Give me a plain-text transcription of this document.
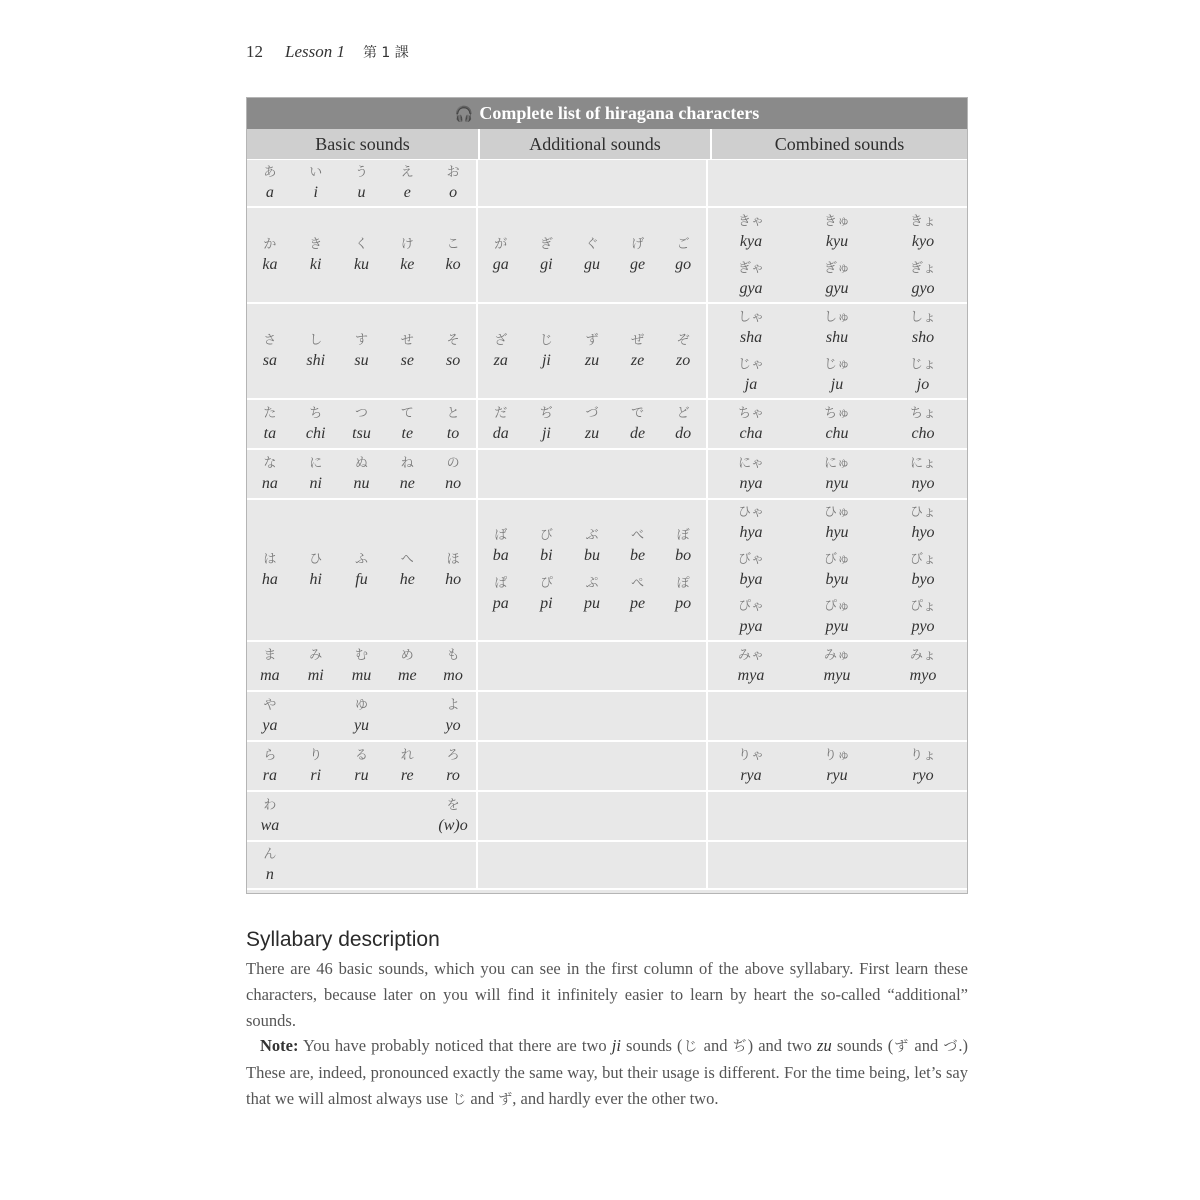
12 Lesson 1 第 1 課
🎧 Complete list of hiragana characters
Basic sounds	Additional sounds	Combined sounds
あ
a
い
i
う
u
え
e
お
o
か
ka
き
ki
く
ku
け
ke
こ
ko
が
ga
ぎ
gi
ぐ
gu
げ
ge
ご
go
きゃ
kya
きゅ
kyu
きょ
kyo
ぎゃ
gya
ぎゅ
gyu
ぎょ
gyo
さ
sa
し
shi
す
su
せ
se
そ
so
ざ
za
じ
ji
ず
zu
ぜ
ze
ぞ
zo
しゃ
sha
しゅ
shu
しょ
sho
じゃ
ja
じゅ
ju
じょ
jo
た
ta
ち
chi
つ
tsu
て
te
と
to
だ
da
ぢ
ji
づ
zu
で
de
ど
do
ちゃ
cha
ちゅ
chu
ちょ
cho
な
na
に
ni
ぬ
nu
ね
ne
の
no
にゃ
nya
にゅ
nyu
にょ
nyo
は
ha
ひ
hi
ふ
fu
へ
he
ほ
ho
ば
ba
び
bi
ぶ
bu
べ
be
ぼ
bo
ぱ
pa
ぴ
pi
ぷ
pu
ぺ
pe
ぽ
po
ひゃ
hya
ひゅ
hyu
ひょ
hyo
びゃ
bya
びゅ
byu
びょ
byo
ぴゃ
pya
ぴゅ
pyu
ぴょ
pyo
ま
ma
み
mi
む
mu
め
me
も
mo
みゃ
mya
みゅ
myu
みょ
myo
や
ya
ゆ
yu
よ
yo
ら
ra
り
ri
る
ru
れ
re
ろ
ro
りゃ
rya
りゅ
ryu
りょ
ryo
わ
wa
を
(w)o
ん
n
Syllabary description

There are 46 basic sounds, which you can see in the first column of the above syllabary. First learn these characters, because later on you will find it infinitely easier to learn by heart the so-called “additional” sounds.

Note: You have probably noticed that there are two ji sounds (じ and ぢ) and two zu sounds (ず and づ.) These are, indeed, pronounced exactly the same way, but their usage is different. For the time being, let’s say that we will almost always use じ and ず, and hardly ever the other two.
